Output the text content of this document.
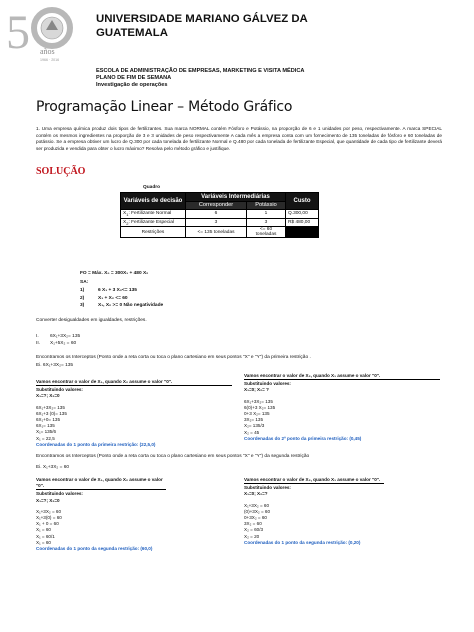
5 años
1966 · 2016
UNIVERSIDADE MARIANO GÁLVEZ DA GUATEMALA
ESCOLA DE ADMINISTRAÇÃO DE EMPRESAS, MARKETING E VISITA MÉDICA
PLANO DE FIM DE SEMANA
Investigação de operações
Programação Linear – Método Gráfico
1. Uma empresa química produz dois tipos de fertilizantes. Sua marca NORMAL contém Fósforo e Potássio, na proporção de 6 e 1 unidades por peso, respectivamente. A marca SPECIAL contém os mesmos ingredientes na proporção de 3 e 3 unidades de peso respectivamente A cada mês a empresa conta com um fornecimento de 135 toneladas de fósforo e 60 toneladas de potássio. Se a empresa obtiver um lucro de Q.300 por cada tonelada de fertilizante Normal e Q.480 por cada tonelada de fertilizante Especial, que quantidade de cada tipo de fertilizante deverá ser produzida e vendida para obter o lucro máximo? Resolva pelo método gráfico e justifique.
SOLUÇÃO
Quadro
Variáveis de decisão	Variáveis Intermediárias		Custo
	Corresponder	Potássio	
$X_1$: Fertilizante Normal	6	1	Q.300,00
$X_2$: Fertilizante Especial	3	3	R$ 480,00
Restrições	<= 135 toneladas	<= 60 toneladas	
FO = Máx. X₀ = 300X₁ + 480 X₂
SA:
1)	6 X₁ + 3 X₂<= 135
2)	X₁ + X₂ <= 60
3)	X₁, X₂ >= 0 Não negatividade
Converter desigualdades em igualdades, restrições.
I. 6X₁+3X₂= 135
II. X₁+5X₂ = 60
Encontramos os Interceptos (Ponto onde a reta corta ou toca o plano cartesiano em seus pontos "X" e "Y") da primeira restrição .
Ei. 6X₁+3X₂= 135
Vamos encontrar o valor de X₁, quando X₂ assume o valor "0".
Substituindo valores:
X₁=?; X₂=0
6X₁+3X₂= 135
6X₁+3 (0)= 135
6X₁+0= 135
6X₁= 135
X₁= 135/6
X₁ = 22,5
Coordenadas do 1 ponto da primeira restrição: (22,5,0)
Vamos encontrar o valor de X₂, quando X₁ assume o valor "0".
Substituindo valores:
X₁=0; X₂= ?
6X₁+3X₂= 135
6(0)+3 X₂= 135
0+3 X₂= 135
3X₂= 135
X₂= 135/3
X₂ = 45
Coordenadas do 2º ponto da primeira restrição: (0,45)
Encontramos os Interceptos (Ponto onde a reta corta ou toca o plano cartesiano em seus pontos "X" e "Y") da segunda restrição
Ei. X₁+3X₂ = 60
Vamos encontrar o valor de X₁, quando X₂ assume o valor "0".
Substituindo valores:
X₁=?; X₂=0
X₁+3X₂ = 60
X₁+3(0) = 60
X₁ + 0 = 60
X₁ = 60
X₁ = 60/1
X₁ = 60
Coordenadas do 1 ponto da segunda restrição: (60,0)
Vamos encontrar o valor de X₂, quando X₁ assume o valor "0".
Substituindo valores:
X₁=0; X₂=?
X₁+3X₂ = 60
(0)+3X₂ = 60
0+3X₂ = 60
3X₂ = 60
X₂ = 60/3
X₂ = 20
Coordenadas do 1 ponto da segunda restrição: (0,20)
